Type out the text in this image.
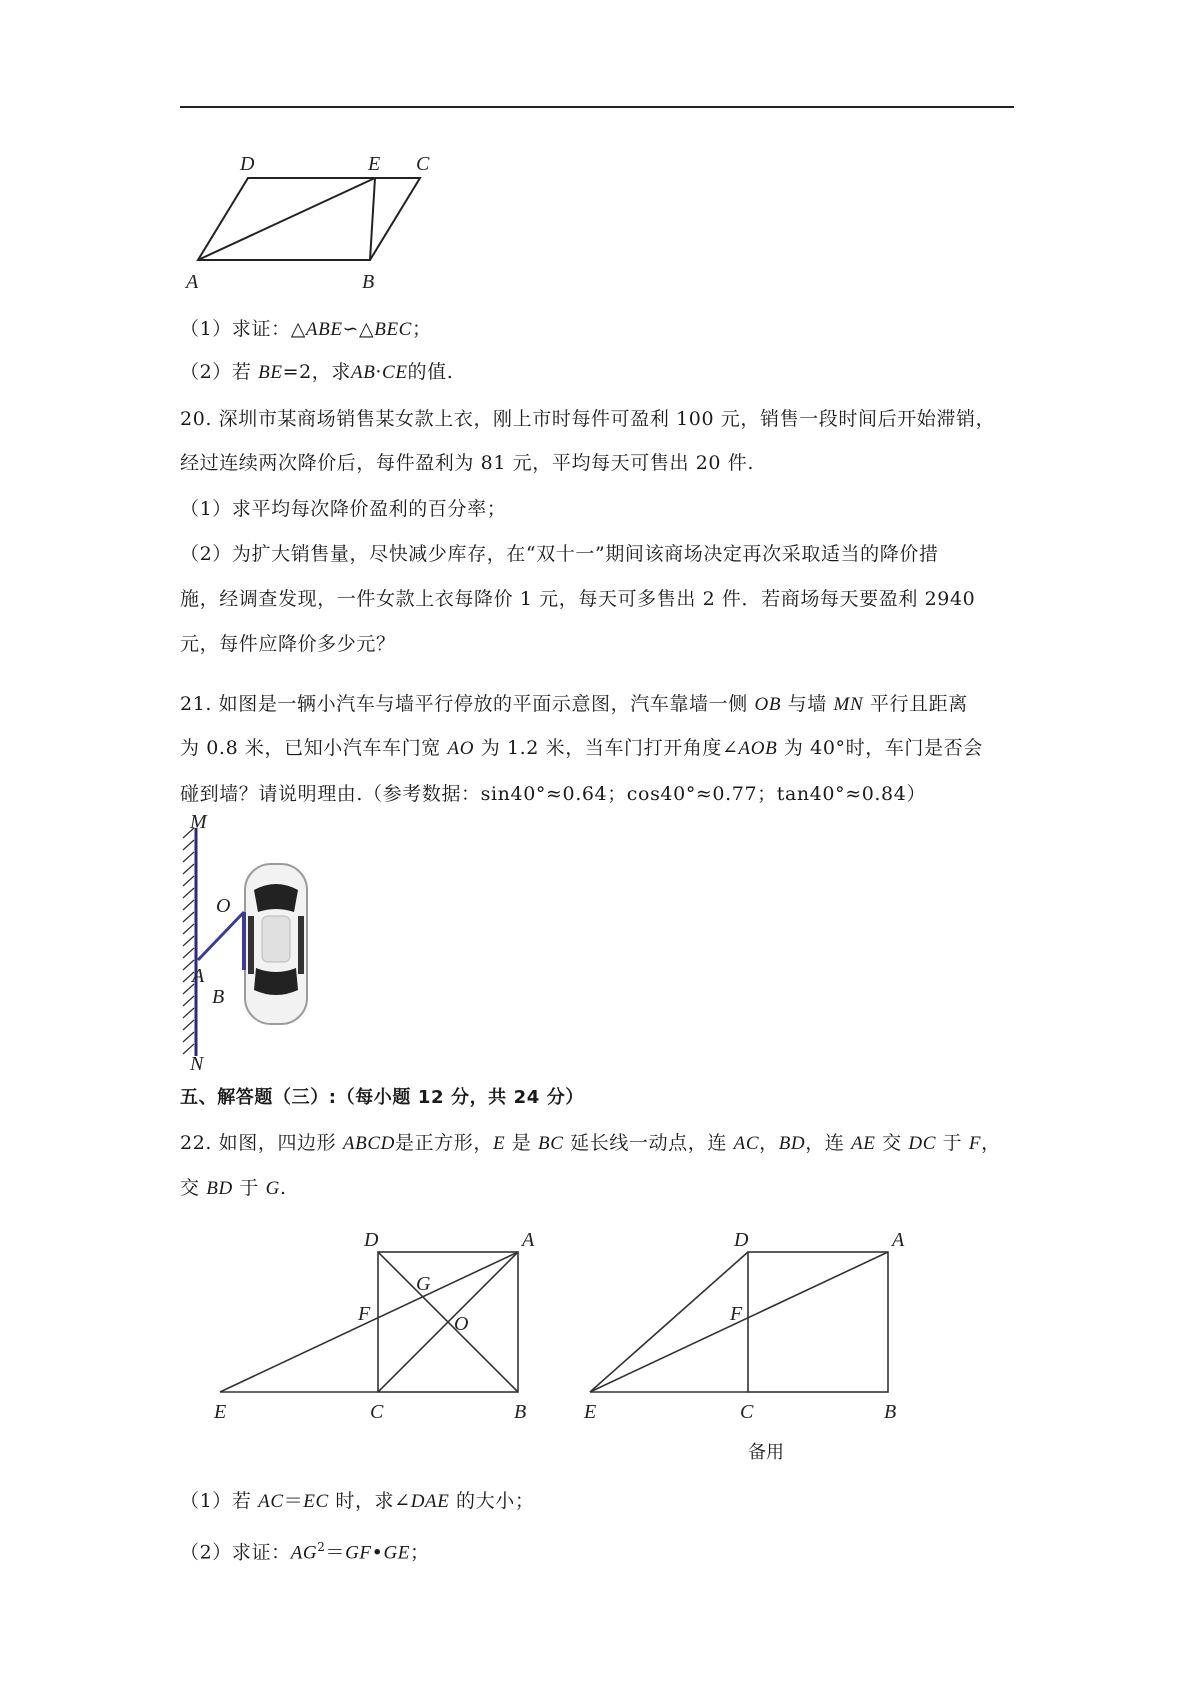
D	E C
A	B
（1）求证：△ABE∽△BEC；
（2）若 BE=2，求AB·CE的值.
20. 深圳市某商场销售某女款上衣，刚上市时每件可盈利 100 元，销售一段时间后开始滞销，
经过连续两次降价后，每件盈利为 81 元，平均每天可售出 20 件.
（1）求平均每次降价盈利的百分率；
（2）为扩大销售量，尽快减少库存，在“双十一”期间该商场决定再次采取适当的降价措
施，经调查发现，一件女款上衣每降价 1 元，每天可多售出 2 件．若商场每天要盈利 2940
元，每件应降价多少元？
21. 如图是一辆小汽车与墙平行停放的平面示意图，汽车靠墙一侧 OB 与墙 MN 平行且距离
为 0.8 米，已知小汽车车门宽 AO 为 1.2 米，当车门打开角度∠AOB 为 40°时，车门是否会
碰到墙？请说明理由.（参考数据：sin40°≈0.64；cos40°≈0.77；tan40°≈0.84）
M
O
A
B
N
五、解答题（三）:（每小题 12 分，共 24 分）
22. 如图，四边形 ABCD是正方形，E 是 BC 延长线一动点，连 AC，BD，连 AE 交 DC 于 F，
交 BD 于 G.
D	A
G
F	O
E	C	B
D	A
F
E	C	B
备用
（1）若 AC＝EC 时，求∠DAE 的大小；
（2）求证：$AG^2=GF•GE$；
